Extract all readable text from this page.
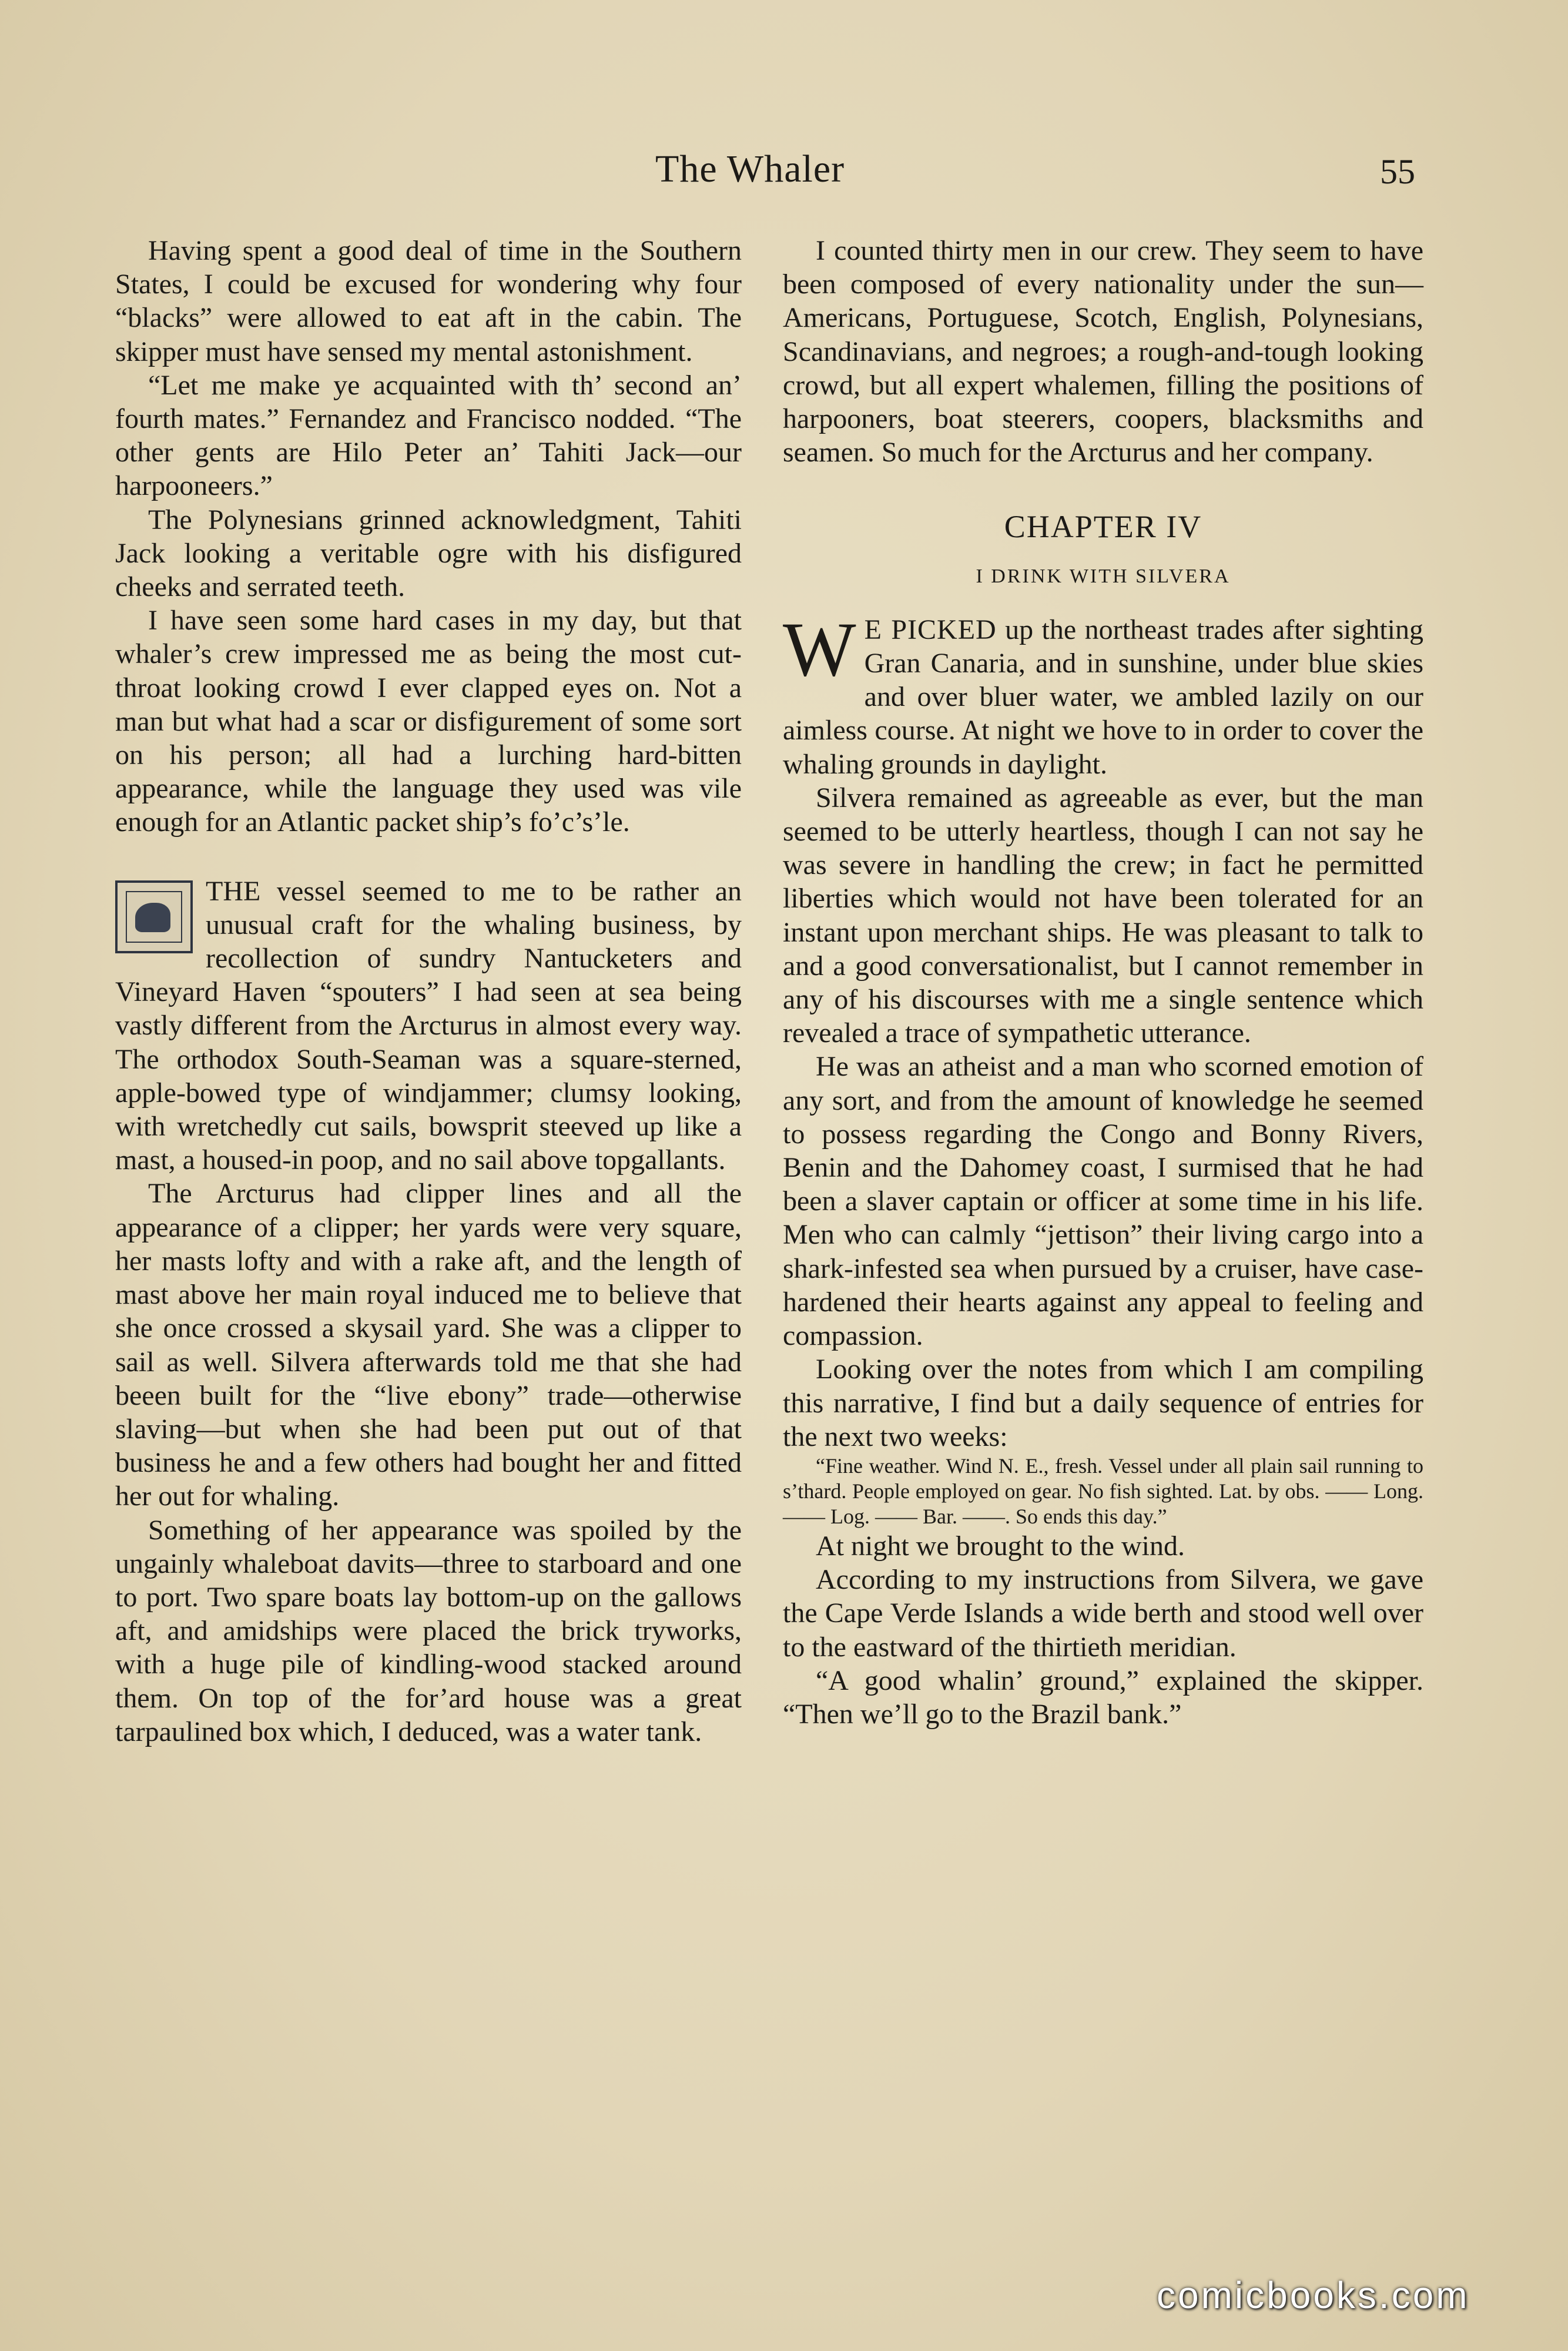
The Whaler	55

Having spent a good deal of time in the Southern States, I could be excused for wondering why four “blacks” were allowed to eat aft in the cabin. The skipper must have sensed my mental astonishment.

“Let me make ye acquainted with th’ second an’ fourth mates.” Fernandez and Francisco nodded. “The other gents are Hilo Peter an’ Tahiti Jack—our harpooneers.”

The Polynesians grinned acknowledgment, Tahiti Jack looking a veritable ogre with his disfigured cheeks and serrated teeth.

I have seen some hard cases in my day, but that whaler’s crew impressed me as being the most cut-throat looking crowd I ever clapped eyes on. Not a man but what had a scar or disfigurement of some sort on his person; all had a lurching hard-bitten appearance, while the language they used was vile enough for an Atlantic packet ship’s fo’c’s’le.

THE vessel seemed to me to be rather an unusual craft for the whaling business, by recollection of sundry Nantucketers and Vineyard Haven “spouters” I had seen at sea being vastly different from the Arcturus in almost every way. The orthodox South-Seaman was a square-sterned, apple-bowed type of windjammer; clumsy looking, with wretchedly cut sails, bowsprit steeved up like a mast, a housed-in poop, and no sail above topgallants.

The Arcturus had clipper lines and all the appearance of a clipper; her yards were very square, her masts lofty and with a rake aft, and the length of mast above her main royal induced me to believe that she once crossed a skysail yard. She was a clipper to sail as well. Silvera afterwards told me that she had beeen built for the “live ebony” trade—otherwise slaving—but when she had been put out of that business he and a few others had bought her and fitted her out for whaling.

Something of her appearance was spoiled by the ungainly whaleboat davits—three to starboard and one to port. Two spare boats lay bottom-up on the gallows aft, and amidships were placed the brick tryworks, with a huge pile of kindling-wood stacked around them. On top of the for’ard house was a great tarpaulined box which, I deduced, was a water tank.

I counted thirty men in our crew. They seem to have been composed of every nationality under the sun—Americans, Portuguese, Scotch, English, Polynesians, Scandinavians, and negroes; a rough-and-tough looking crowd, but all expert whalemen, filling the positions of harpooners, boat steerers, coopers, blacksmiths and seamen. So much for the Arcturus and her company.

CHAPTER IV
I DRINK WITH SILVERA

W E PICKED up the northeast trades after sighting Gran Canaria, and in sunshine, under blue skies and over bluer water, we ambled lazily on our aimless course. At night we hove to in order to cover the whaling grounds in daylight.

Silvera remained as agreeable as ever, but the man seemed to be utterly heartless, though I can not say he was severe in handling the crew; in fact he permitted liberties which would not have been tolerated for an instant upon merchant ships. He was pleasant to talk to and a good conversationalist, but I cannot remember in any of his discourses with me a single sentence which revealed a trace of sympathetic utterance.

He was an atheist and a man who scorned emotion of any sort, and from the amount of knowledge he seemed to possess regarding the Congo and Bonny Rivers, Benin and the Dahomey coast, I surmised that he had been a slaver captain or officer at some time in his life. Men who can calmly “jettison” their living cargo into a shark-infested sea when pursued by a cruiser, have case-hardened their hearts against any appeal to feeling and compassion.

Looking over the notes from which I am compiling this narrative, I find but a daily sequence of entries for the next two weeks:

“Fine weather. Wind N. E., fresh. Vessel under all plain sail running to s’thard. People employed on gear. No fish sighted. Lat. by obs. —— Long. —— Log. —— Bar. ——. So ends this day.”

At night we brought to the wind.

According to my instructions from Silvera, we gave the Cape Verde Islands a wide berth and stood well over to the eastward of the thirtieth meridian.

“A good whalin’ ground,” explained the skipper. “Then we’ll go to the Brazil bank.”

comicbooks.com
